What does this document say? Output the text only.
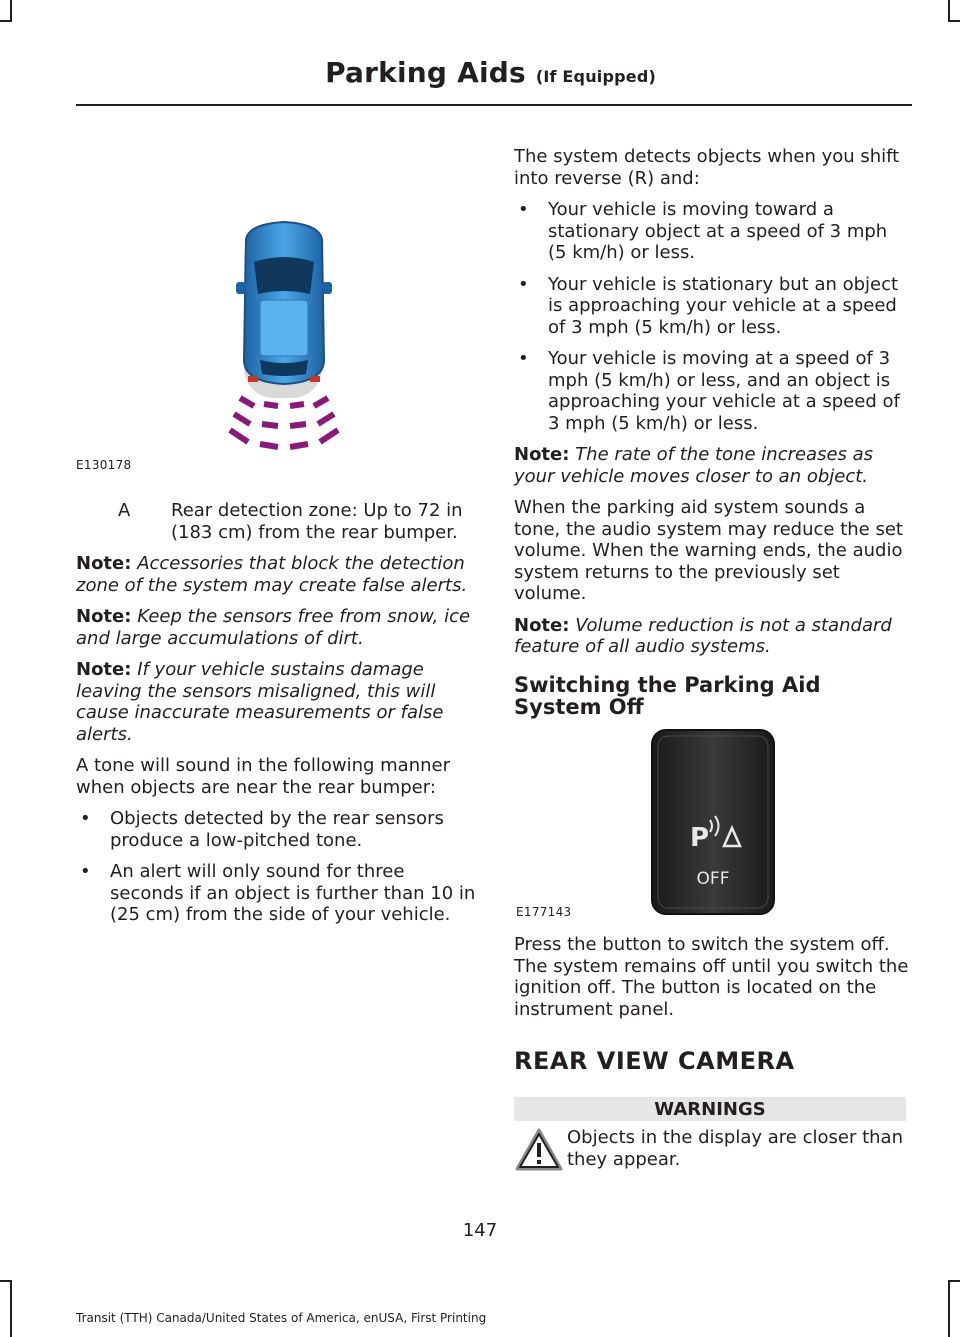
Parking Aids (If Equipped)
E130178
A	Rear detection zone: Up to 72 in (183 cm) from the rear bumper.

Note: Accessories that block the detection zone of the system may create false alerts.

Note: Keep the sensors free from snow, ice and large accumulations of dirt.

Note: If your vehicle sustains damage leaving the sensors misaligned, this will cause inaccurate measurements or false alerts.

A tone will sound in the following manner when objects are near the rear bumper:

• Objects detected by the rear sensors produce a low-pitched tone.
• An alert will only sound for three seconds if an object is further than 10 in (25 cm) from the side of your vehicle.

The system detects objects when you shift into reverse (R) and:

• Your vehicle is moving toward a stationary object at a speed of 3 mph (5 km/h) or less.
• Your vehicle is stationary but an object is approaching your vehicle at a speed of 3 mph (5 km/h) or less.
• Your vehicle is moving at a speed of 3 mph (5 km/h) or less, and an object is approaching your vehicle at a speed of 3 mph (5 km/h) or less.

Note: The rate of the tone increases as your vehicle moves closer to an object.

When the parking aid system sounds a tone, the audio system may reduce the set volume. When the warning ends, the audio system returns to the previously set volume.

Note: Volume reduction is not a standard feature of all audio systems.

Switching the Parking Aid System Off
P
OFF
E177143

Press the button to switch the system off. The system remains off until you switch the ignition off. The button is located on the instrument panel.

REAR VIEW CAMERA
WARNINGS
Objects in the display are closer than they appear.
147
Transit (TTH) Canada/United States of America, enUSA, First Printing
